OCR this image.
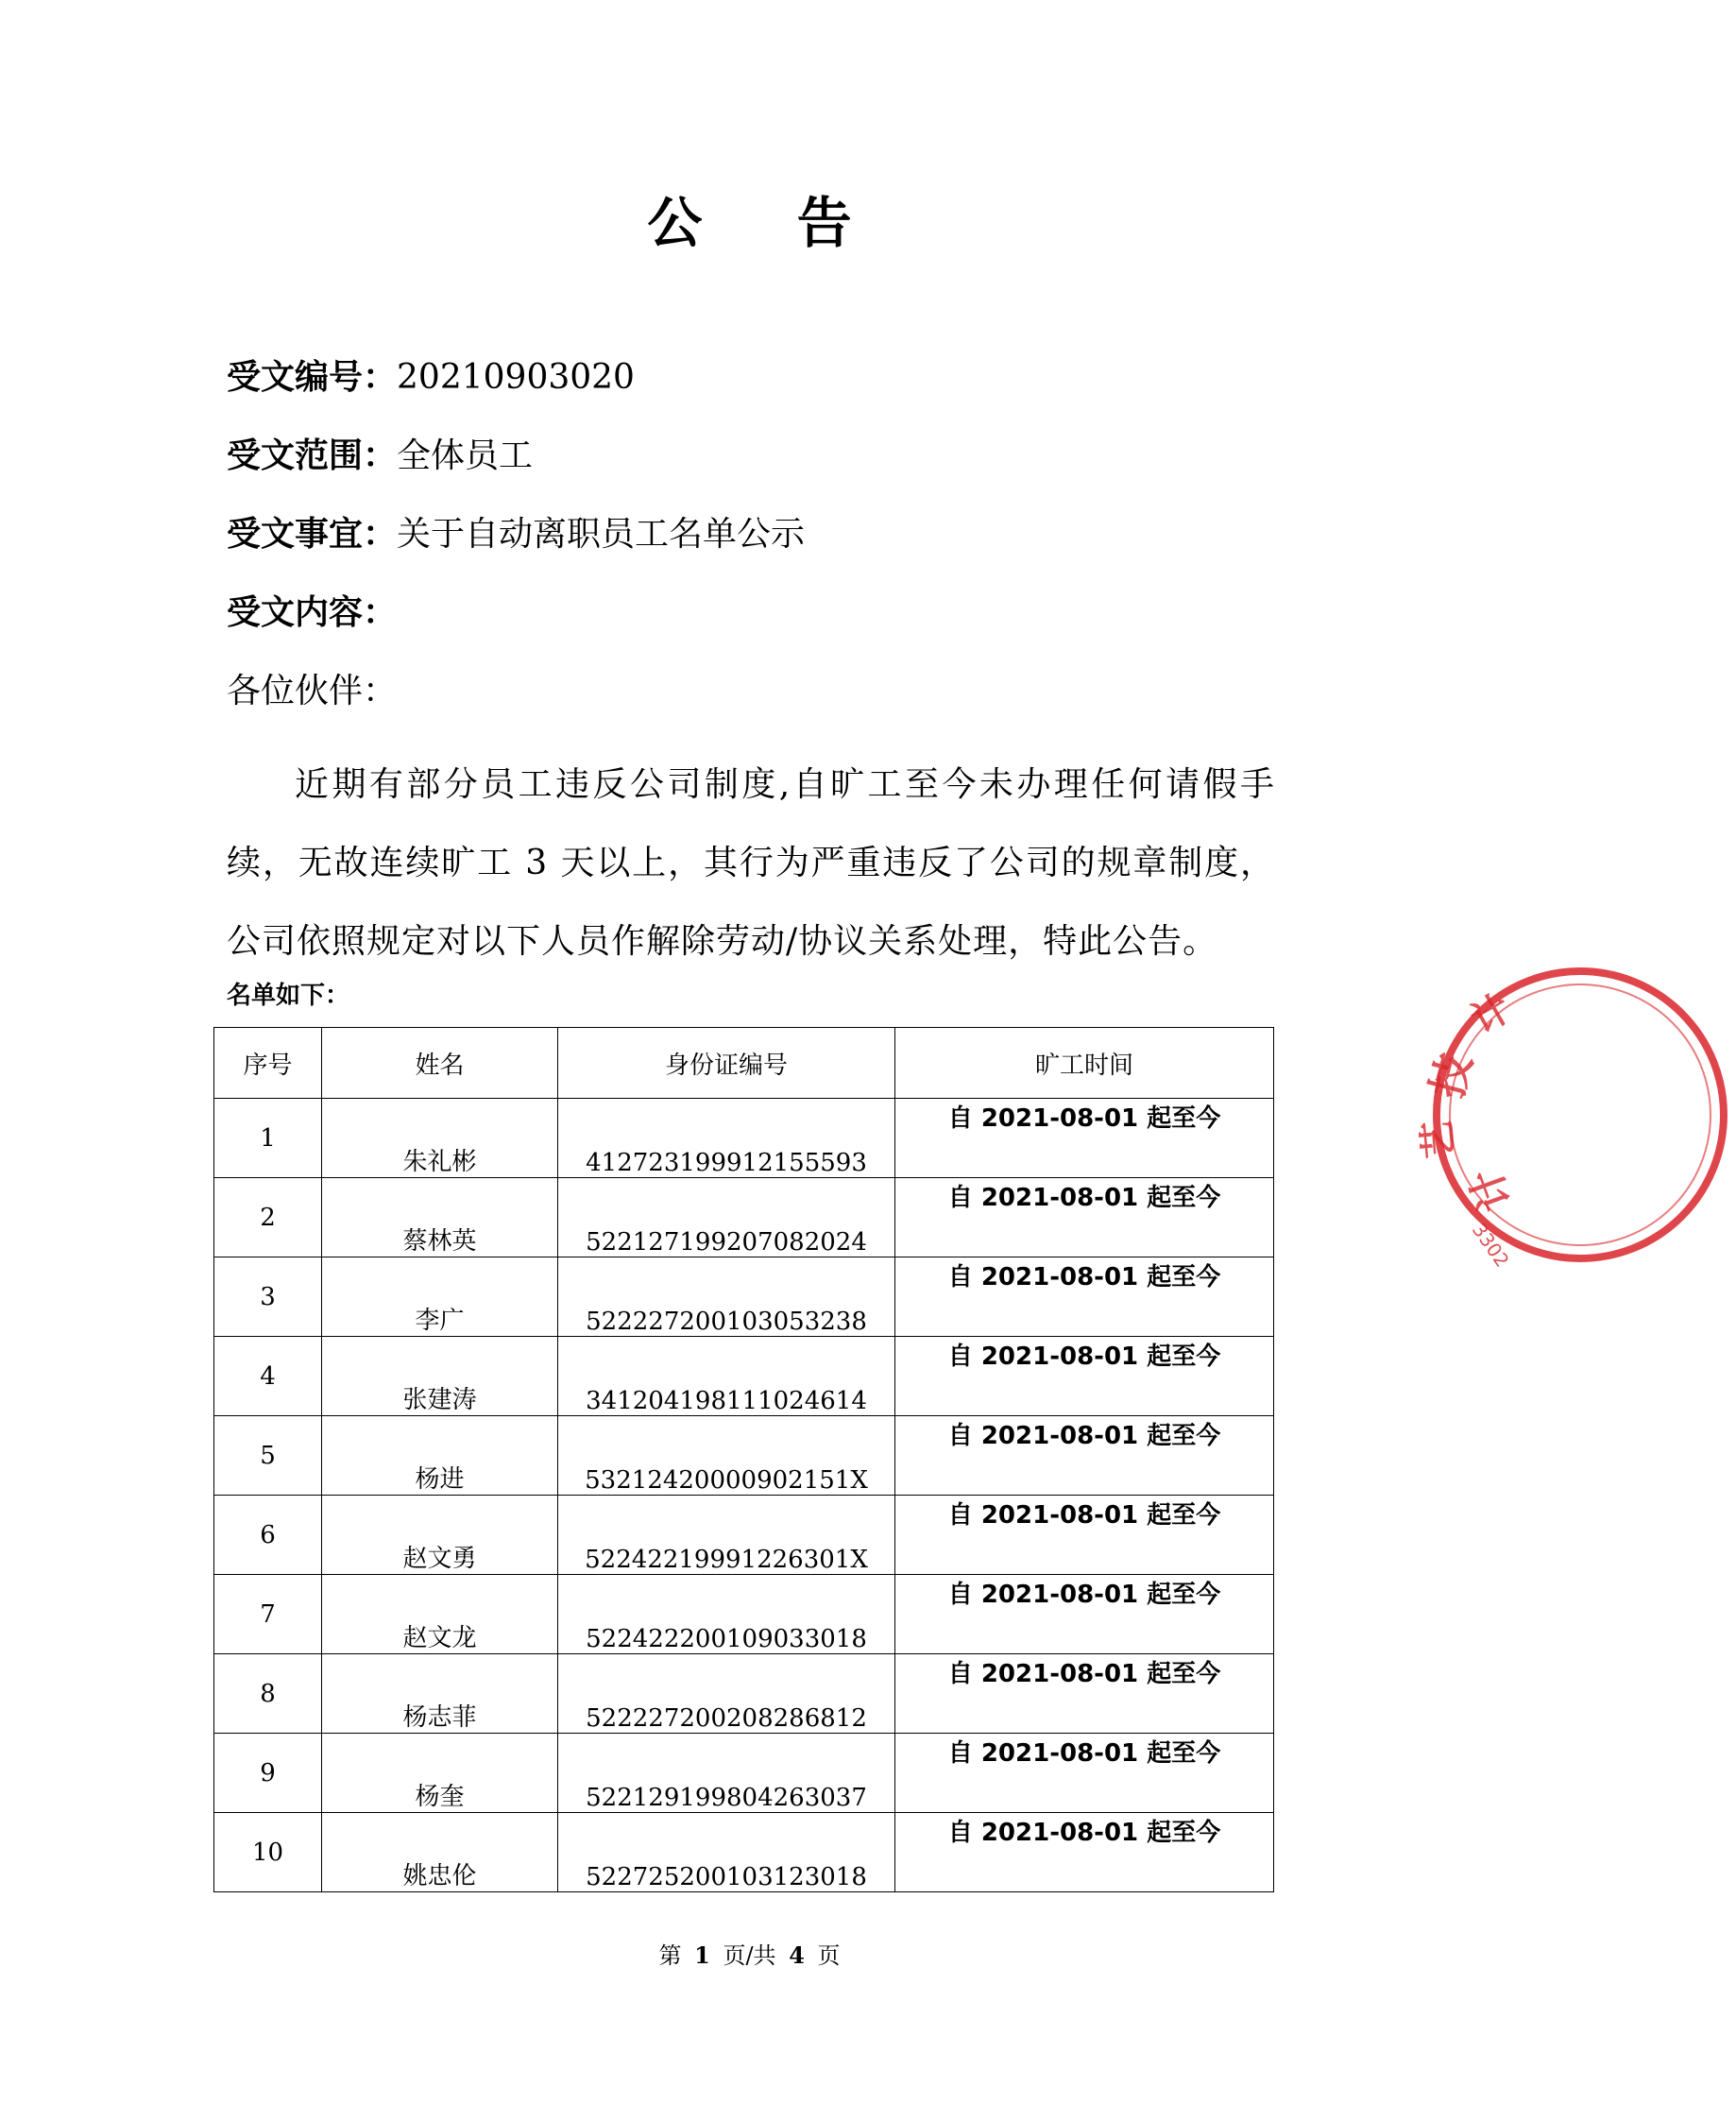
公 告
受文编号：20210903020
受文范围：全体员工
受文事宜：关于自动离职员工名单公示
受文内容：
各位伙伴：
近期有部分员工违反公司制度,自旷工至今未办理任何请假手续，无故连续旷工 3 天以上，其行为严重违反了公司的规章制度，公司依照规定对以下人员作解除劳动/协议关系处理，特此公告。
名单如下：
序号	姓名	身份证编号	旷工时间
1	朱礼彬	412723199912155593	自 2021-08-01 起至今
2	蔡林英	522127199207082024	自 2021-08-01 起至今
3	李广	522227200103053238	自 2021-08-01 起至今
4	张建涛	341204198111024614	自 2021-08-01 起至今
5	杨进	53212420000902151X	自 2021-08-01 起至今
6	赵文勇	52242219991226301X	自 2021-08-01 起至今
7	赵文龙	522422200109033018	自 2021-08-01 起至今
8	杨志菲	522227200208286812	自 2021-08-01 起至今
9	杨奎	522129199804263037	自 2021-08-01 起至今
10	姚忠伦	522725200103123018	自 2021-08-01 起至今
第 1 页/共 4 页
计
技
艺
计
3302
